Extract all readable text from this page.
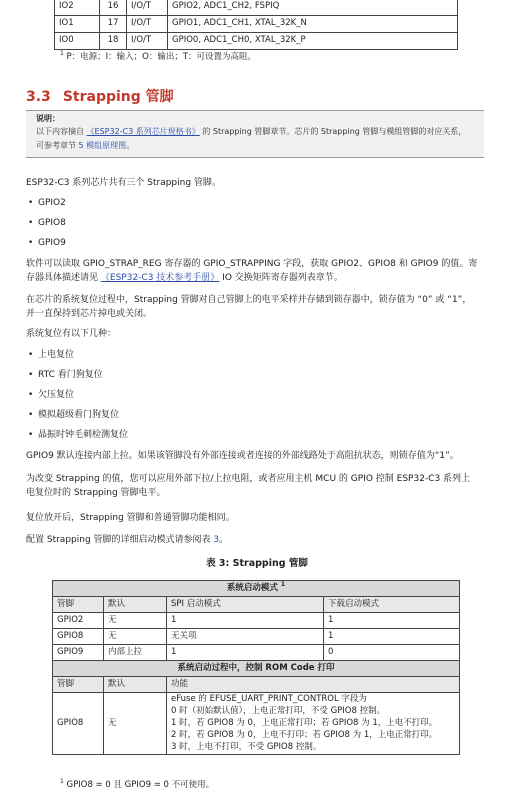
IO2	16	I/O/T	GPIO2, ADC1_CH2, FSPIQ
IO1	17	I/O/T	GPIO1, ADC1_CH1, XTAL_32K_N
IO0	18	I/O/T	GPIO0, ADC1_CH0, XTAL_32K_P
$^1$ P：电源；I：输入；O：输出；T：可设置为高阻。
3.3 Strapping 管脚
说明：
以下内容摘自 《ESP32-C3 系列芯片规格书》 的 Strapping 管脚章节。芯片的 Strapping 管脚与模组管脚的对应关系，
可参考章节 5 模组原理图。
ESP32-C3 系列芯片共有三个 Strapping 管脚。
• GPIO2
• GPIO8
• GPIO9
软件可以读取 GPIO_STRAP_REG 寄存器的 GPIO_STRAPPING 字段，获取 GPIO2、GPIO8 和 GPIO9 的值。寄
存器具体描述请见 《ESP32-C3 技术参考手册》 IO 交换矩阵寄存器列表章节。
在芯片的系统复位过程中，Strapping 管脚对自己管脚上的电平采样并存储到锁存器中，锁存值为 “0” 或 “1”，
并一直保持到芯片掉电或关闭。
系统复位有以下几种：
• 上电复位
• RTC 看门狗复位
• 欠压复位
• 模拟超级看门狗复位
• 晶振时钟毛刺检测复位
GPIO9 默认连接内部上拉。如果该管脚没有外部连接或者连接的外部线路处于高阻抗状态，则锁存值为“1”。
为改变 Strapping 的值，您可以应用外部下拉/上拉电阻，或者应用主机 MCU 的 GPIO 控制 ESP32-C3 系列上
电复位时的 Strapping 管脚电平。
复位放开后，Strapping 管脚和普通管脚功能相同。
配置 Strapping 管脚的详细启动模式请参阅表 3。
表 3: Strapping 管脚
系统启动模式 $^1$
管脚	默认	SPI 启动模式	下载启动模式
GPIO2	无	1	1
GPIO8	无	无关项	1
GPIO9	内部上拉	1	0
系统启动过程中，控制 ROM Code 打印			
管脚	默认	功能	
GPIO8	无	eFuse 的 EFUSE_UART_PRINT_CONTROL 字段为
0 时（初始默认值），上电正常打印，不受 GPIO8 控制。
1 时，若 GPIO8 为 0，上电正常打印；若 GPIO8 为 1，上电不打印。
2 时，若 GPIO8 为 0，上电不打印；若 GPIO8 为 1，上电正常打印。
3 时，上电不打印，不受 GPIO8 控制。	
$^1$ GPIO8 = 0 且 GPIO9 = 0 不可使用。
